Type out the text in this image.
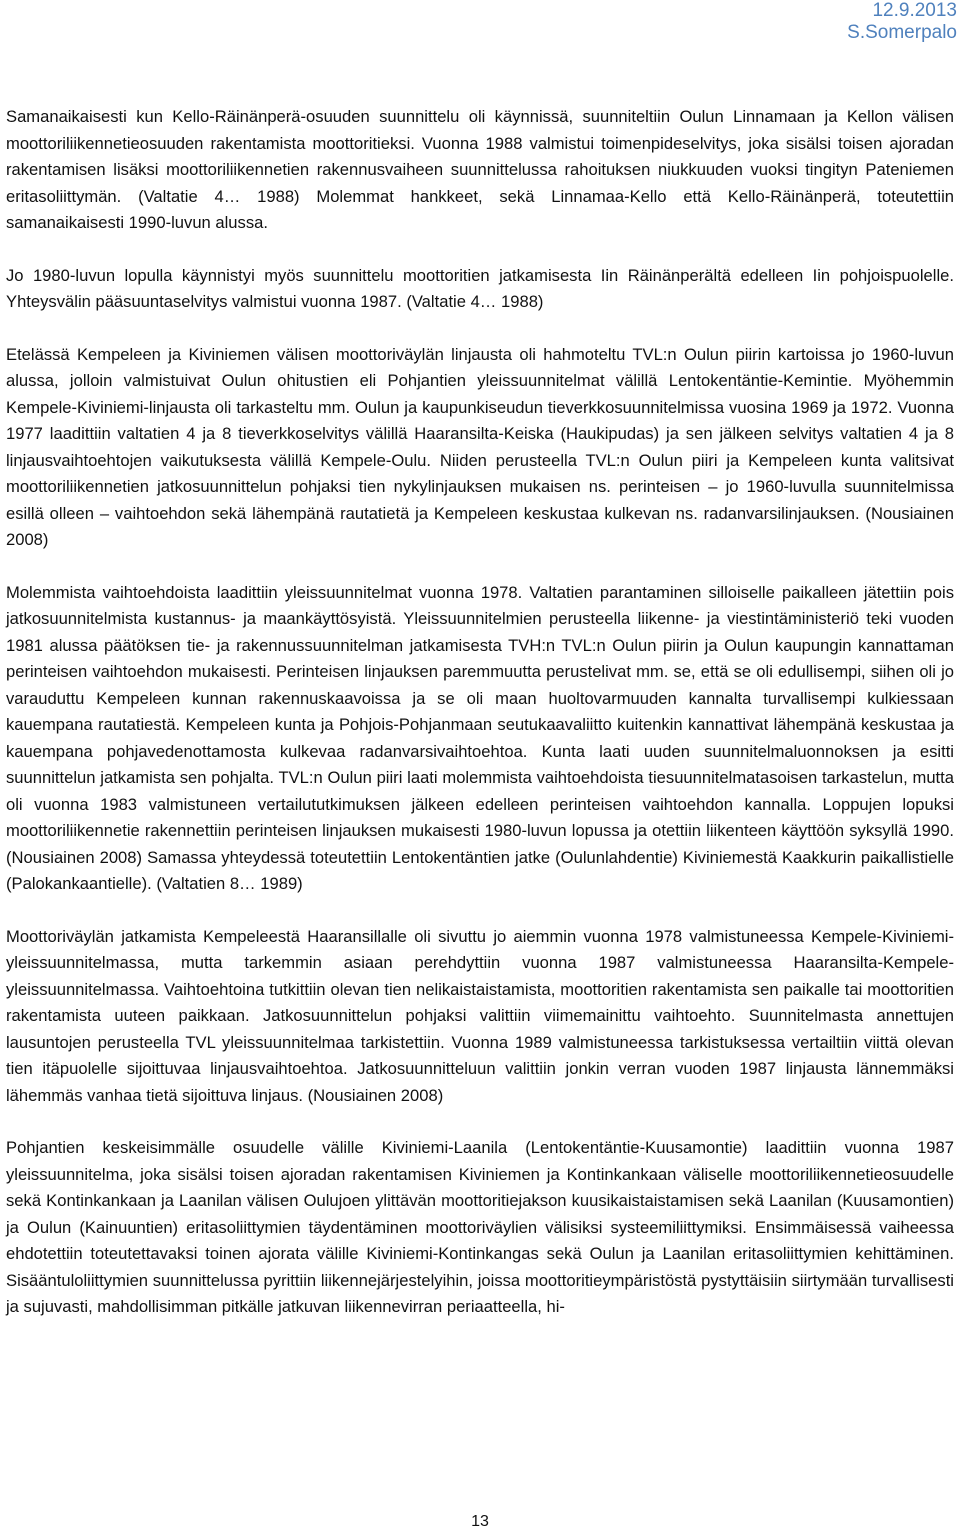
12.9.2013
S.Somerpalo

Samanaikaisesti kun Kello-Räinänperä-osuuden suunnittelu oli käynnissä, suunniteltiin Oulun Linnamaan ja Kellon välisen moottoriliikennetieosuuden rakentamista moottoritieksi. Vuonna 1988 valmistui toimenpideselvitys, joka sisälsi toisen ajoradan rakentamisen lisäksi moottoriliikennetien rakennusvaiheen suunnittelussa rahoituksen niukkuuden vuoksi tingityn Pateniemen eritasoliittymän. (Valtatie 4… 1988) Molemmat hankkeet, sekä Linnamaa-Kello että Kello-Räinänperä, toteutettiin samanaikaisesti 1990-luvun alussa.

Jo 1980-luvun lopulla käynnistyi myös suunnittelu moottoritien jatkamisesta Iin Räinänperältä edelleen Iin pohjoispuolelle. Yhteysvälin pääsuuntaselvitys valmistui vuonna 1987. (Valtatie 4… 1988)

Etelässä Kempeleen ja Kiviniemen välisen moottoriväylän linjausta oli hahmoteltu TVL:n Oulun piirin kartoissa jo 1960-luvun alussa, jolloin valmistuivat Oulun ohitustien eli Pohjantien yleissuunnitelmat välillä Lentokentäntie-Kemintie. Myöhemmin Kempele-Kiviniemi-linjausta oli tarkasteltu mm. Oulun ja kaupunkiseudun tieverkkosuunnitelmissa vuosina 1969 ja 1972. Vuonna 1977 laadittiin valtatien 4 ja 8 tieverkkoselvitys välillä Haaransilta-Keiska (Haukipudas) ja sen jälkeen selvitys valtatien 4 ja 8 linjausvaihtoehtojen vaikutuksesta välillä Kempele-Oulu. Niiden perusteella TVL:n Oulun piiri ja Kempeleen kunta valitsivat moottoriliikennetien jatkosuunnittelun pohjaksi tien nykylinjauksen mukaisen ns. perinteisen – jo 1960-luvulla suunnitelmissa esillä olleen – vaihtoehdon sekä lähempänä rautatietä ja Kempeleen keskustaa kulkevan ns. radanvarsilinjauksen. (Nousiainen 2008)

Molemmista vaihtoehdoista laadittiin yleissuunnitelmat vuonna 1978. Valtatien parantaminen silloiselle paikalleen jätettiin pois jatkosuunnitelmista kustannus- ja maankäyttösyistä. Yleissuunnitelmien perusteella liikenne- ja viestintäministeriö teki vuoden 1981 alussa päätöksen tie- ja rakennussuunnitelman jatkamisesta TVH:n TVL:n Oulun piirin ja Oulun kaupungin kannattaman perinteisen vaihtoehdon mukaisesti. Perinteisen linjauksen paremmuutta perustelivat mm. se, että se oli edullisempi, siihen oli jo varauduttu Kempeleen kunnan rakennuskaavoissa ja se oli maan huoltovarmuuden kannalta turvallisempi kulkiessaan kauempana rautatiestä. Kempeleen kunta ja Pohjois-Pohjanmaan seutukaavaliitto kuitenkin kannattivat lähempänä keskustaa ja kauempana pohjavedenottamosta kulkevaa radanvarsivaihtoehtoa. Kunta laati uuden suunnitelmaluonnoksen ja esitti suunnittelun jatkamista sen pohjalta. TVL:n Oulun piiri laati molemmista vaihtoehdoista tiesuunnitelmatasoisen tarkastelun, mutta oli vuonna 1983 valmistuneen vertailututkimuksen jälkeen edelleen perinteisen vaihtoehdon kannalla. Loppujen lopuksi moottoriliikennetie rakennettiin perinteisen linjauksen mukaisesti 1980-luvun lopussa ja otettiin liikenteen käyttöön syksyllä 1990. (Nousiainen 2008) Samassa yhteydessä toteutettiin Lentokentäntien jatke (Oulunlahdentie) Kiviniemestä Kaakkurin paikallistielle (Palokankaantielle). (Valtatien 8… 1989)

Moottoriväylän jatkamista Kempeleestä Haaransillalle oli sivuttu jo aiemmin vuonna 1978 valmistuneessa Kempele-Kiviniemi-yleissuunnitelmassa, mutta tarkemmin asiaan perehdyttiin vuonna 1987 valmistuneessa Haaransilta-Kempele-yleissuunnitelmassa. Vaihtoehtoina tutkittiin olevan tien nelikaistaistamista, moottoritien rakentamista sen paikalle tai moottoritien rakentamista uuteen paikkaan. Jatkosuunnittelun pohjaksi valittiin viimemainittu vaihtoehto. Suunnitelmasta annettujen lausuntojen perusteella TVL yleissuunnitelmaa tarkistettiin. Vuonna 1989 valmistuneessa tarkistuksessa vertailtiin viittä olevan tien itäpuolelle sijoittuvaa linjausvaihtoehtoa. Jatkosuunnitteluun valittiin jonkin verran vuoden 1987 linjausta lännemmäksi lähemmäs vanhaa tietä sijoittuva linjaus. (Nousiainen 2008)

Pohjantien keskeisimmälle osuudelle välille Kiviniemi-Laanila (Lentokentäntie-Kuusamontie) laadittiin vuonna 1987 yleissuunnitelma, joka sisälsi toisen ajoradan rakentamisen Kiviniemen ja Kontinkankaan väliselle moottoriliikennetieosuudelle sekä Kontinkankaan ja Laanilan välisen Oulujoen ylittävän moottoritiejakson kuusikaistaistamisen sekä Laanilan (Kuusamontien) ja Oulun (Kainuuntien) eritasoliittymien täydentäminen moottoriväylien välisiksi systeemiliittymiksi. Ensimmäisessä vaiheessa ehdotettiin toteutettavaksi toinen ajorata välille Kiviniemi-Kontinkangas sekä Oulun ja Laanilan eritasoliittymien kehittäminen. Sisääntuloliittymien suunnittelussa pyrittiin liikennejärjestelyihin, joissa moottoritieympäristöstä pystyttäisiin siirtymään turvallisesti ja sujuvasti, mahdollisimman pitkälle jatkuvan liikennevirran periaatteella, hi-

13
